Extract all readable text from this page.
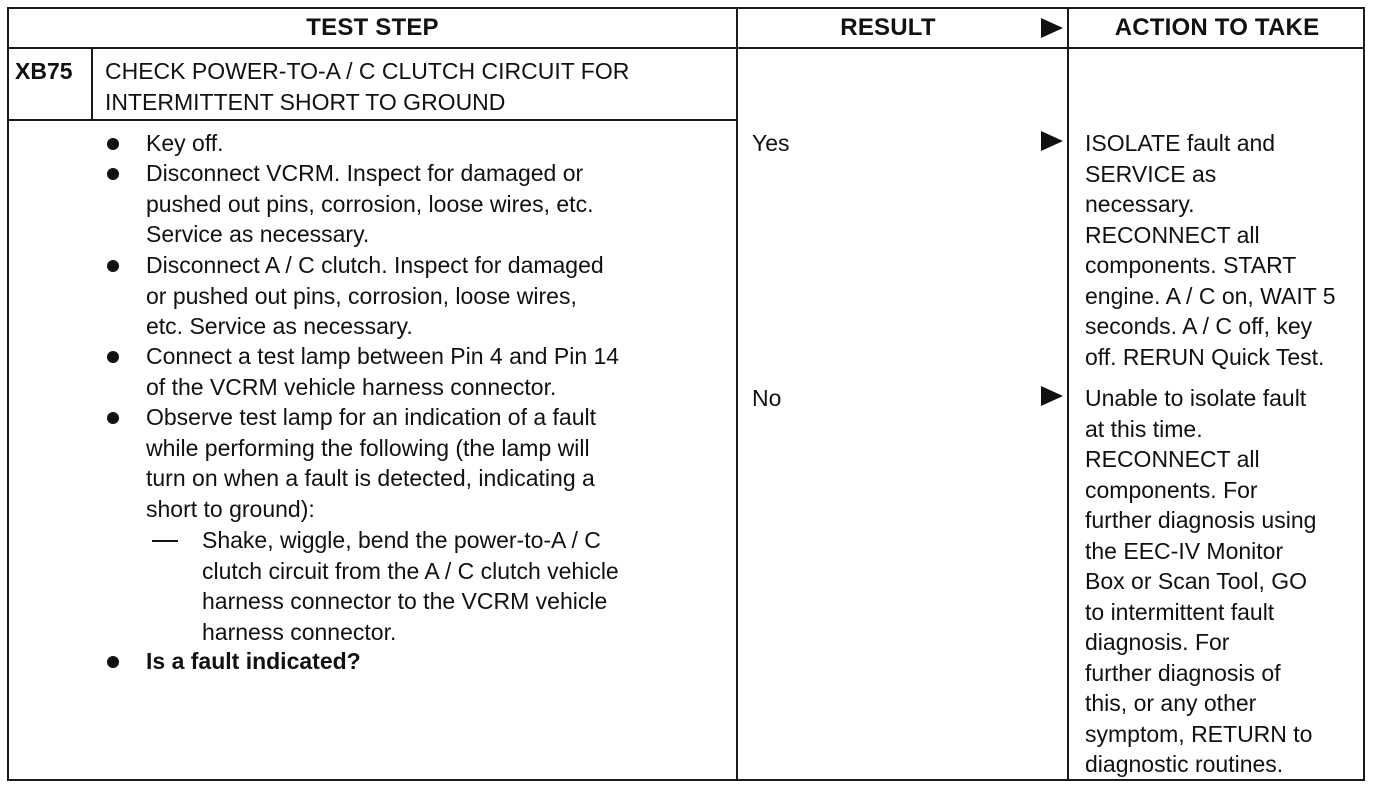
TEST STEP	RESULT	ACTION TO TAKE
XB75 CHECK POWER-TO-A / C CLUTCH CIRCUIT FOR
INTERMITTENT SHORT TO GROUND
Key off.
Disconnect VCRM. Inspect for damaged or
pushed out pins, corrosion, loose wires, etc.
Service as necessary.
Disconnect A / C clutch. Inspect for damaged
or pushed out pins, corrosion, loose wires,
etc. Service as necessary.
Connect a test lamp between Pin 4 and Pin 14
of the VCRM vehicle harness connector.
Observe test lamp for an indication of a fault
while performing the following (the lamp will
turn on when a fault is detected, indicating a
short to ground):
Shake, wiggle, bend the power-to-A / C
clutch circuit from the A / C clutch vehicle
harness connector to the VCRM vehicle
harness connector.
Is a fault indicated?
Yes	ISOLATE fault and
SERVICE as
necessary.
RECONNECT all
components. START
engine. A / C on, WAIT 5
seconds. A / C off, key
off. RERUN Quick Test.
No	Unable to isolate fault
at this time.
RECONNECT all
components. For
further diagnosis using
the EEC-IV Monitor
Box or Scan Tool, GO
to intermittent fault
diagnosis. For
further diagnosis of
this, or any other
symptom, RETURN to
diagnostic routines.
